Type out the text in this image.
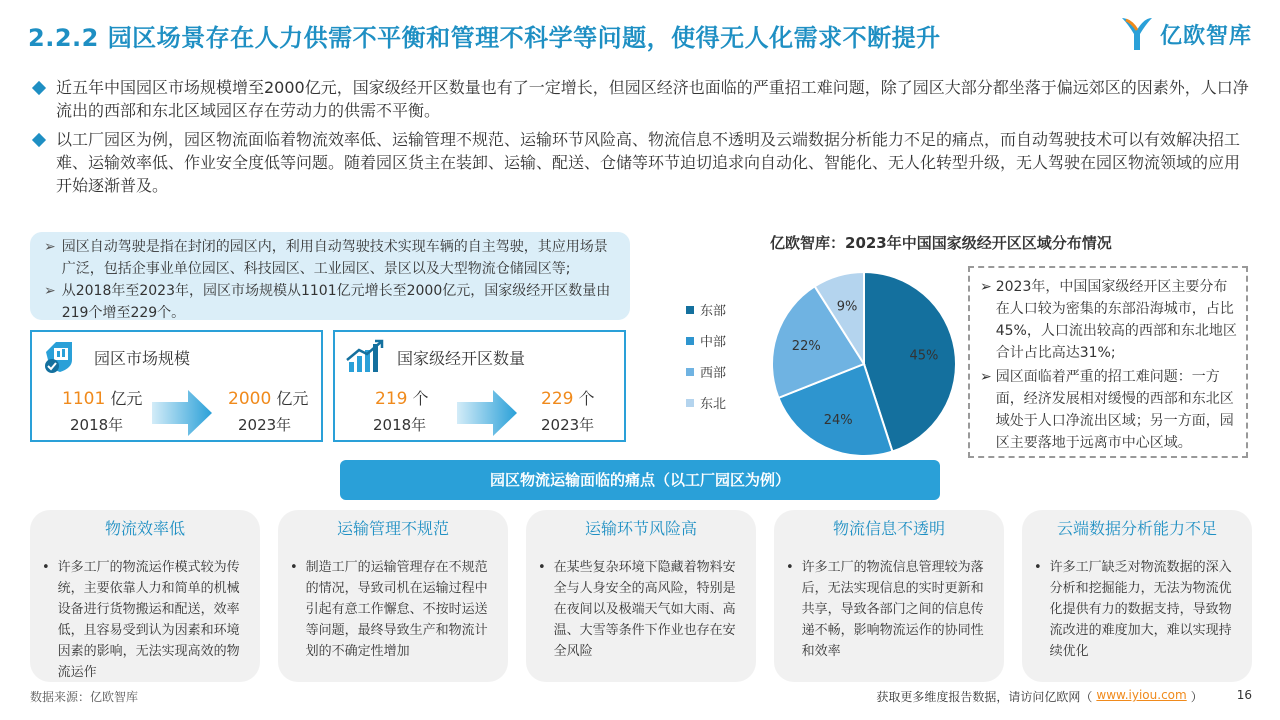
2.2.2 园区场景存在人力供需不平衡和管理不科学等问题，使得无人化需求不断提升	亿欧智库
近五年中国园区市场规模增至2000亿元，国家级经开区数量也有了一定增长，但园区经济也面临的严重招工难问题，除了园区大部分都坐落于偏远郊区的因素外，人口净流出的西部和东北区域园区存在劳动力的供需不平衡。
以工厂园区为例，园区物流面临着物流效率低、运输管理不规范、运输环节风险高、物流信息不透明及云端数据分析能力不足的痛点，而自动驾驶技术可以有效解决招工难、运输效率低、作业安全度低等问题。随着园区货主在装卸、运输、配送、仓储等环节迫切追求向自动化、智能化、无人化转型升级，无人驾驶在园区物流领域的应用开始逐渐普及。
➢ 园区自动驾驶是指在封闭的园区内，利用自动驾驶技术实现车辆的自主驾驶，其应用场景广泛，包括企事业单位园区、科技园区、工业园区、景区以及大型物流仓储园区等;
➢ 从2018年至2023年，园区市场规模从1101亿元增长至2000亿元，国家级经开区数量由219个增至229个。
园区市场规模
1101 亿元
2018年
2000 亿元
2023年
国家级经开区数量
219 个
2018年
229 个
2023年
亿欧智库：2023年中国国家级经开区区域分布情况
东部
中部
西部
东北
45%
24%
22%
9%
➢ 2023年，中国国家级经开区主要分布在人口较为密集的东部沿海城市，占比45%，人口流出较高的西部和东北地区合计占比高达31%;
➢ 园区面临着严重的招工难问题：一方面，经济发展相对缓慢的西部和东北区域处于人口净流出区域；另一方面，园区主要落地于远离市中心区域。
园区物流运输面临的痛点（以工厂园区为例）
物流效率低
• 许多工厂的物流运作模式较为传统，主要依靠人力和简单的机械设备进行货物搬运和配送，效率低，且容易受到认为因素和环境因素的影响，无法实现高效的物流运作
运输管理不规范
• 制造工厂的运输管理存在不规范的情况，导致司机在运输过程中引起有意工作懈怠、不按时运送等问题，最终导致生产和物流计划的不确定性增加
运输环节风险高
• 在某些复杂环境下隐藏着物料安全与人身安全的高风险，特别是在夜间以及极端天气如大雨、高温、大雪等条件下作业也存在安全风险
物流信息不透明
• 许多工厂的物流信息管理较为落后，无法实现信息的实时更新和共享，导致各部门之间的信息传递不畅，影响物流运作的协同性和效率
云端数据分析能力不足
• 许多工厂缺乏对物流数据的深入分析和挖掘能力，无法为物流优化提供有力的数据支持，导致物流改进的难度加大，难以实现持续优化
数据来源：亿欧智库	获取更多维度报告数据，请访问亿欧网（ www.iyiou.com ）	16
